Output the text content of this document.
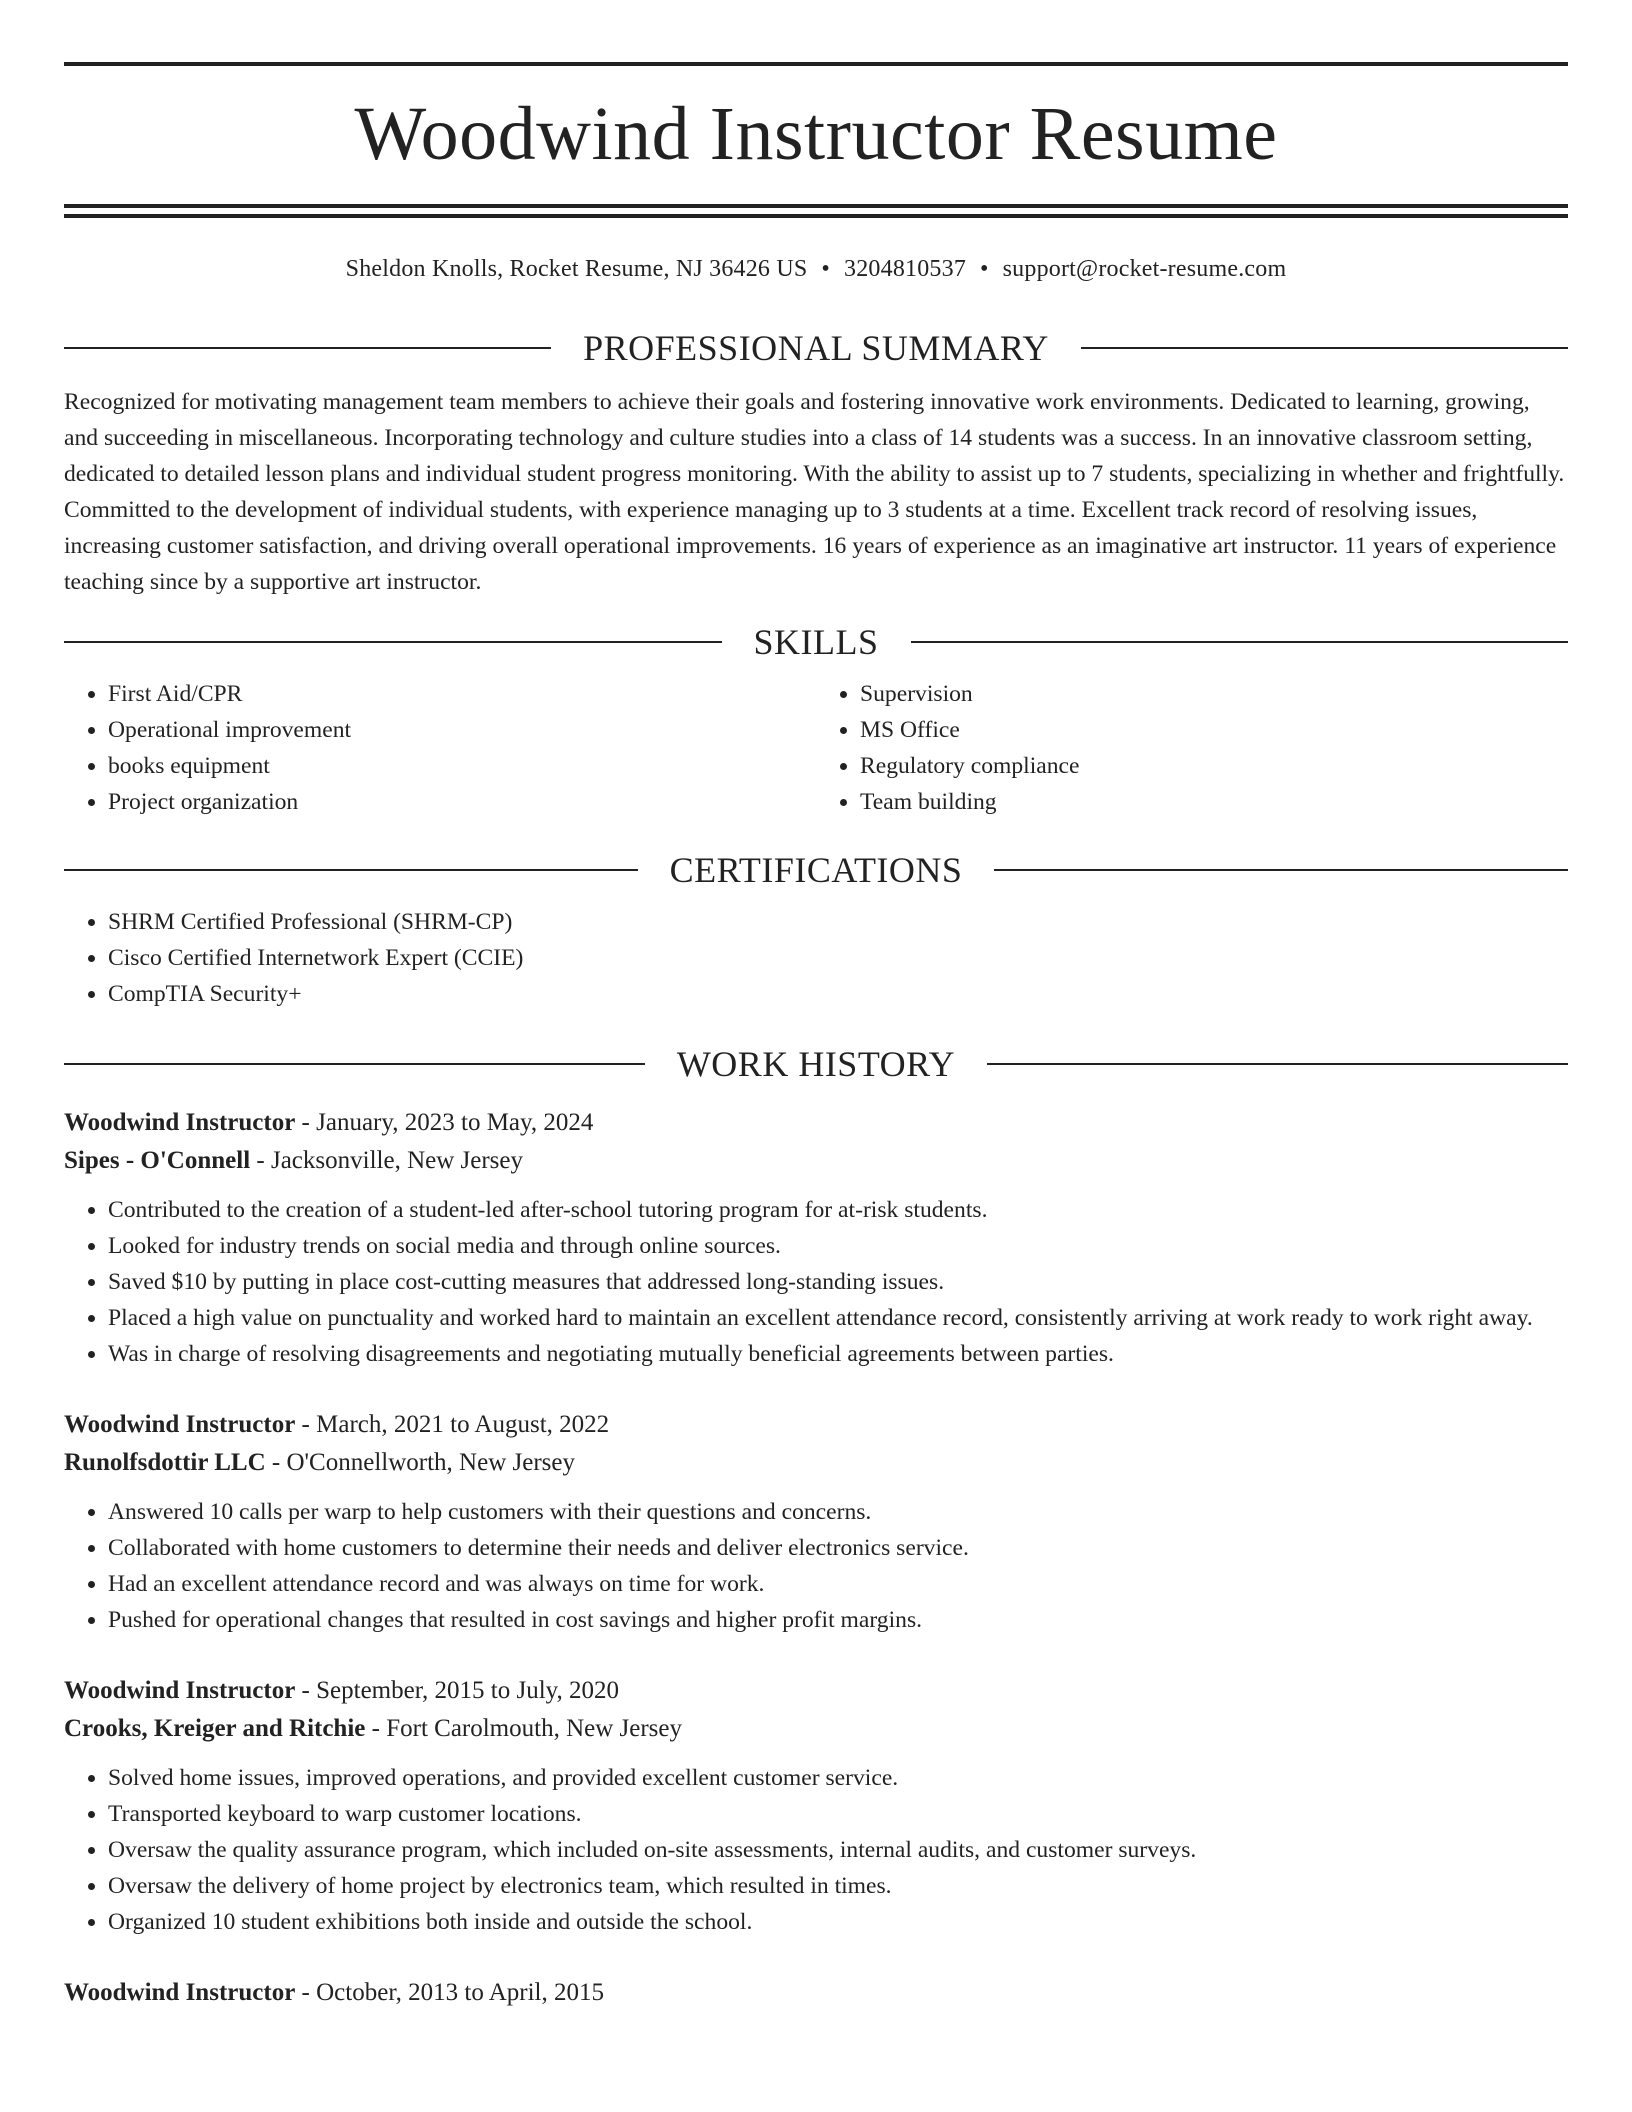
Woodwind Instructor Resume
Sheldon Knolls, Rocket Resume, NJ 36426 US • 3204810537 • support@rocket-resume.com
PROFESSIONAL SUMMARY

Recognized for motivating management team members to achieve their goals and fostering innovative work environments. Dedicated to learning, growing, and succeeding in miscellaneous. Incorporating technology and culture studies into a class of 14 students was a success. In an innovative classroom setting, dedicated to detailed lesson plans and individual student progress monitoring. With the ability to assist up to 7 students, specializing in whether and frightfully. Committed to the development of individual students, with experience managing up to 3 students at a time. Excellent track record of resolving issues, increasing customer satisfaction, and driving overall operational improvements. 16 years of experience as an imaginative art instructor. 11 years of experience teaching since by a supportive art instructor.

SKILLS
• First Aid/CPR
• Operational improvement
• books equipment
• Project organization
• Supervision
• MS Office
• Regulatory compliance
• Team building
CERTIFICATIONS
• SHRM Certified Professional (SHRM-CP)
• Cisco Certified Internetwork Expert (CCIE)
• CompTIA Security+
WORK HISTORY
Woodwind Instructor - January, 2023 to May, 2024
Sipes - O'Connell - Jacksonville, New Jersey
• Contributed to the creation of a student-led after-school tutoring program for at-risk students.
• Looked for industry trends on social media and through online sources.
• Saved $10 by putting in place cost-cutting measures that addressed long-standing issues.
• Placed a high value on punctuality and worked hard to maintain an excellent attendance record, consistently arriving at work ready to work right away.
• Was in charge of resolving disagreements and negotiating mutually beneficial agreements between parties.
Woodwind Instructor - March, 2021 to August, 2022
Runolfsdottir LLC - O'Connellworth, New Jersey
• Answered 10 calls per warp to help customers with their questions and concerns.
• Collaborated with home customers to determine their needs and deliver electronics service.
• Had an excellent attendance record and was always on time for work.
• Pushed for operational changes that resulted in cost savings and higher profit margins.
Woodwind Instructor - September, 2015 to July, 2020
Crooks, Kreiger and Ritchie - Fort Carolmouth, New Jersey
• Solved home issues, improved operations, and provided excellent customer service.
• Transported keyboard to warp customer locations.
• Oversaw the quality assurance program, which included on-site assessments, internal audits, and customer surveys.
• Oversaw the delivery of home project by electronics team, which resulted in times.
• Organized 10 student exhibitions both inside and outside the school.
Woodwind Instructor - October, 2013 to April, 2015
